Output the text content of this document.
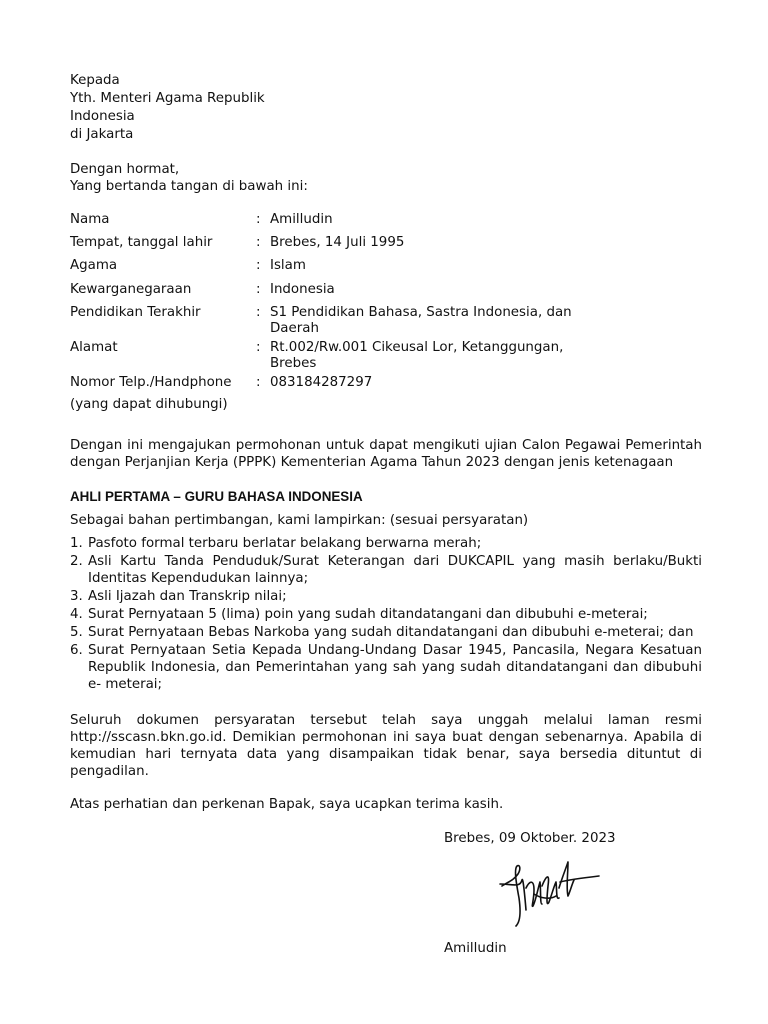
Kepada
Yth. Menteri Agama Republik
Indonesia
di Jakarta
Dengan hormat,
Yang bertanda tangan di bawah ini:
Nama	: Amilludin
Tempat, tanggal lahir	: Brebes, 14 Juli 1995
Agama	: Islam
Kewarganegaraan	: Indonesia
Pendidikan Terakhir	: S1 Pendidikan Bahasa, Sastra Indonesia, dan Daerah
Alamat	: Rt.002/Rw.001 Cikeusal Lor, Ketanggungan, Brebes
Nomor Telp./Handphone : 083184287297
(yang dapat dihubungi)
Dengan ini mengajukan permohonan untuk dapat mengikuti ujian Calon Pegawai Pemerintah dengan Perjanjian Kerja (PPPK) Kementerian Agama Tahun 2023 dengan jenis ketenagaan
AHLI PERTAMA – GURU BAHASA INDONESIA
Sebagai bahan pertimbangan, kami lampirkan: (sesuai persyaratan)
1. Pasfoto formal terbaru berlatar belakang berwarna merah;
2. Asli Kartu Tanda Penduduk/Surat Keterangan dari DUKCAPIL yang masih berlaku/Bukti Identitas Kependudukan lainnya;
3. Asli Ijazah dan Transkrip nilai;
4. Surat Pernyataan 5 (lima) poin yang sudah ditandatangani dan dibubuhi e-meterai;
5. Surat Pernyataan Bebas Narkoba yang sudah ditandatangani dan dibubuhi e-meterai; dan
6. Surat Pernyataan Setia Kepada Undang-Undang Dasar 1945, Pancasila, Negara Kesatuan Republik Indonesia, dan Pemerintahan yang sah yang sudah ditandatangani dan dibubuhi e- meterai;
Seluruh dokumen persyaratan tersebut telah saya unggah melalui laman resmi http://sscasn.bkn.go.id. Demikian permohonan ini saya buat dengan sebenarnya. Apabila di kemudian hari ternyata data yang disampaikan tidak benar, saya bersedia dituntut di pengadilan.
Atas perhatian dan perkenan Bapak, saya ucapkan terima kasih.
Brebes, 09 Oktober. 2023
Amilludin
